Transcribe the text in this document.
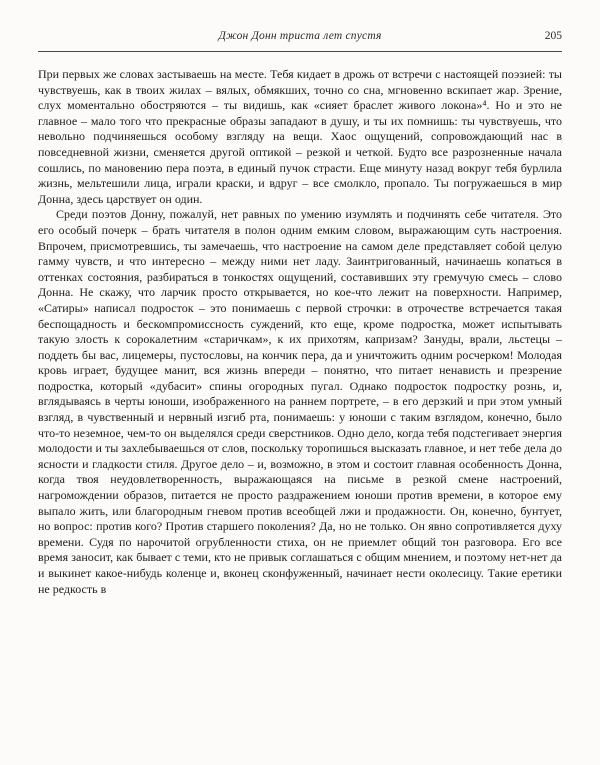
Джон Донн триста лет спустя	205

При первых же словах застываешь на месте. Тебя кидает в дрожь от встречи с настоящей поэзией: ты чувствуешь, как в твоих жилах – вялых, обмякших, точно со сна, мгновенно вскипает жар. Зрение, слух моментально обостряются – ты видишь, как «сияет браслет живого локона»⁴. Но и это не главное – мало того что прекрасные образы западают в душу, и ты их помнишь: ты чувствуешь, что невольно подчиняешься особому взгляду на вещи. Хаос ощущений, сопровождающий нас в повседневной жизни, сменяется другой оптикой – резкой и четкой. Будто все разрозненные начала сошлись, по мановению пера поэта, в единый пучок страсти. Еще минуту назад вокруг тебя бурлила жизнь, мельтешили лица, играли краски, и вдруг – все смолкло, пропало. Ты погружаешься в мир Донна, здесь царствует он один.

Среди поэтов Донну, пожалуй, нет равных по умению изумлять и подчинять себе читателя. Это его особый почерк – брать читателя в полон одним емким словом, выражающим суть настроения. Впрочем, присмотревшись, ты замечаешь, что настроение на самом деле представляет собой целую гамму чувств, и что интересно – между ними нет ладу. Заинтригованный, начинаешь копаться в оттенках состояния, разбираться в тонкостях ощущений, составивших эту гремучую смесь – слово Донна. Не скажу, что ларчик просто открывается, но кое-что лежит на поверхности. Например, «Сатиры» написал подросток – это понимаешь с первой строчки: в отрочестве встречается такая беспощадность и бескомпромиссность суждений, кто еще, кроме подростка, может испытывать такую злость к сорокалетним «старичкам», к их прихотям, капризам? Зануды, врали, льстецы – поддеть бы вас, лицемеры, пустословы, на кончик пера, да и уничтожить одним росчерком! Молодая кровь играет, будущее манит, вся жизнь впереди – понятно, что питает ненависть и презрение подростка, который «дубасит» спины огородных пугал. Однако подросток подростку рознь, и, вглядываясь в черты юноши, изображенного на раннем портрете, – в его дерзкий и при этом умный взгляд, в чувственный и нервный изгиб рта, понимаешь: у юноши с таким взглядом, конечно, было что-то неземное, чем-то он выделялся среди сверстников. Одно дело, когда тебя подстегивает энергия молодости и ты захлебываешься от слов, поскольку торопишься высказать главное, и нет тебе дела до ясности и гладкости стиля. Другое дело – и, возможно, в этом и состоит главная особенность Донна, когда твоя неудовлетворенность, выражающаяся на письме в резкой смене настроений, нагромождении образов, питается не просто раздражением юноши против времени, в которое ему выпало жить, или благородным гневом против всеобщей лжи и продажности. Он, конечно, бунтует, но вопрос: против кого? Против старшего поколения? Да, но не только. Он явно сопротивляется духу времени. Судя по нарочитой огрубленности стиха, он не приемлет общий тон разговора. Его все время заносит, как бывает с теми, кто не привык соглашаться с общим мнением, и поэтому нет-нет да и выкинет какое-нибудь коленце и, вконец сконфуженный, начинает нести околесицу. Такие еретики не редкость в
